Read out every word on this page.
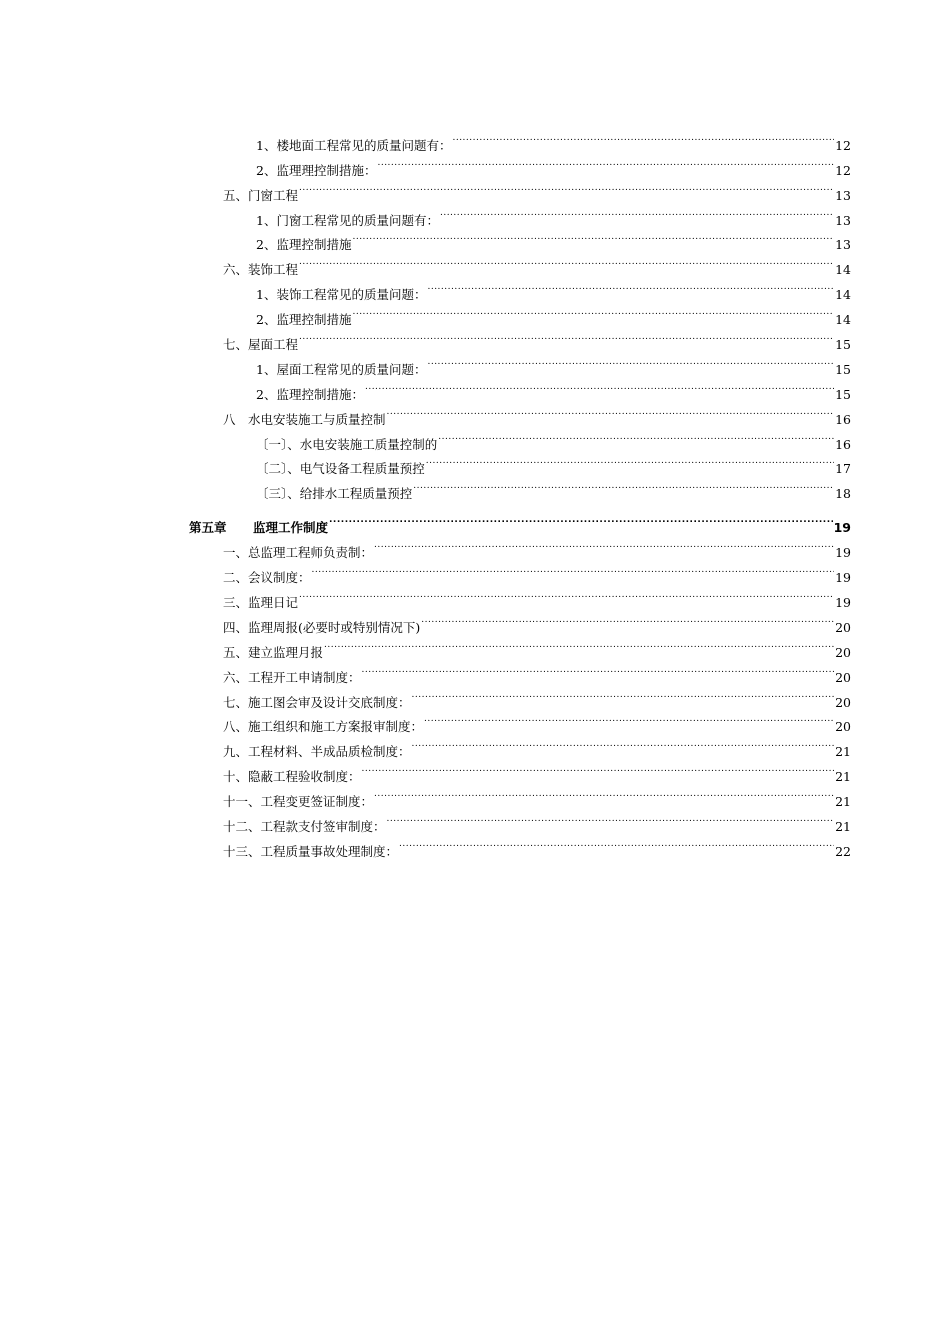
1、楼地面工程常见的质量问题有： .....	12
2、监理理控制措施： .....	12
五、门窗工程 .....	13
1、门窗工程常见的质量问题有： .....	13
2、监理控制措施 .....	13
六、装饰工程 .....	14
1、装饰工程常见的质量问题： .....	14
2、监理控制措施 .....	14
七、屋面工程 .....	15
1、屋面工程常见的质量问题： .....	15
2、监理控制措施： .....	15
八　水电安装施工与质量控制 .....	16
〔一〕、水电安装施工质量控制的 .....	16
〔二〕、电气设备工程质量预控 .....	17
〔三〕、给排水工程质量预控 .....	18
第五章 监理工作制度 .....	19
一、总监理工程师负责制： .....	19
二、会议制度： .....	19
三、监理日记 .....	19
四、监理周报(必要时或特别情况下) .....	20
五、建立监理月报 .....	20
六、工程开工申请制度： .....	20
七、施工图会审及设计交底制度： .....	20
八、施工组织和施工方案报审制度： .....	20
九、工程材料、半成品质检制度： .....	21
十、隐蔽工程验收制度： .....	21
十一、工程变更签证制度： .....	21
十二、工程款支付签审制度： .....	21
十三、工程质量事故处理制度： .....	22
